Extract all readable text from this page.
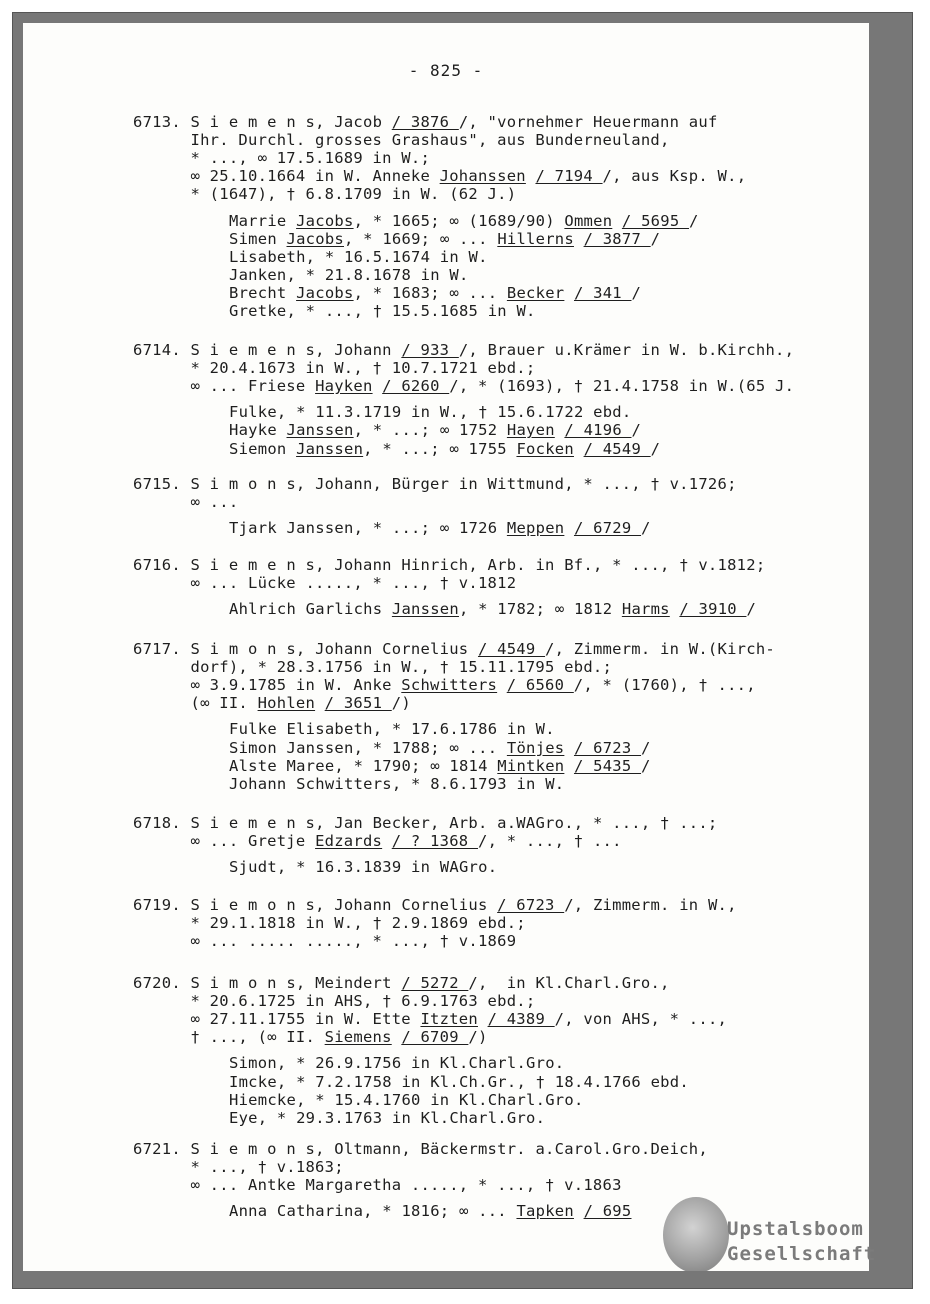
- 825 -
6713. S i e m e n s, Jacob / 3876 /, "vornehmer Heuermann auf
Ihr. Durchl. grosses Grashaus", aus Bunderneuland,
* ..., ∞ 17.5.1689 in W.;
∞ 25.10.1664 in W. Anneke Johanssen / 7194 /, aus Ksp. W.,
* (1647), † 6.8.1709 in W. (62 J.)
Marrie Jacobs, * 1665; ∞ (1689/90) Ommen / 5695 /
Simen Jacobs, * 1669; ∞ ... Hillerns / 3877 /
Lisabeth, * 16.5.1674 in W.
Janken, * 21.8.1678 in W.
Brecht Jacobs, * 1683; ∞ ... Becker / 341 /
Gretke, * ..., † 15.5.1685 in W.
6714. S i e m e n s, Johann / 933 /, Brauer u.Krämer in W. b.Kirchh.,
* 20.4.1673 in W., † 10.7.1721 ebd.;
∞ ... Friese Hayken / 6260 /, * (1693), † 21.4.1758 in W.(65 J.
Fulke, * 11.3.1719 in W., † 15.6.1722 ebd.
Hayke Janssen, * ...; ∞ 1752 Hayen / 4196 /
Siemon Janssen, * ...; ∞ 1755 Focken / 4549 /
6715. S i m o n s, Johann, Bürger in Wittmund, * ..., † v.1726;
∞ ...
Tjark Janssen, * ...; ∞ 1726 Meppen / 6729 /
6716. S i e m e n s, Johann Hinrich, Arb. in Bf., * ..., † v.1812;
∞ ... Lücke ....., * ..., † v.1812
Ahlrich Garlichs Janssen, * 1782; ∞ 1812 Harms / 3910 /
6717. S i m o n s, Johann Cornelius / 4549 /, Zimmerm. in W.(Kirch-
dorf), * 28.3.1756 in W., † 15.11.1795 ebd.;
∞ 3.9.1785 in W. Anke Schwitters / 6560 /, * (1760), † ...,
(∞ II. Hohlen / 3651 /)
Fulke Elisabeth, * 17.6.1786 in W.
Simon Janssen, * 1788; ∞ ... Tönjes / 6723 /
Alste Maree, * 1790; ∞ 1814 Mintken / 5435 /
Johann Schwitters, * 8.6.1793 in W.
6718. S i e m e n s, Jan Becker, Arb. a.WAGro., * ..., † ...;
∞ ... Gretje Edzards / ? 1368 /, * ..., † ...
Sjudt, * 16.3.1839 in WAGro.
6719. S i e m o n s, Johann Cornelius / 6723 /, Zimmerm. in W.,
* 29.1.1818 in W., † 2.9.1869 ebd.;
∞ ... ..... ....., * ..., † v.1869
6720. S i m o n s, Meindert / 5272 /,  in Kl.Charl.Gro.,
* 20.6.1725 in AHS, † 6.9.1763 ebd.;
∞ 27.11.1755 in W. Ette Itzten / 4389 /, von AHS, * ...,
† ..., (∞ II. Siemens / 6709 /)
Simon, * 26.9.1756 in Kl.Charl.Gro.
Imcke, * 7.2.1758 in Kl.Ch.Gr., † 18.4.1766 ebd.
Hiemcke, * 15.4.1760 in Kl.Charl.Gro.
Eye, * 29.3.1763 in Kl.Charl.Gro.
6721. S i e m o n s, Oltmann, Bäckermstr. a.Carol.Gro.Deich,
* ..., † v.1863;
∞ ... Antke Margaretha ....., * ..., † v.1863
Anna Catharina, * 1816; ∞ ... Tapken / 695
Upstalsboom
Gesellschaft
